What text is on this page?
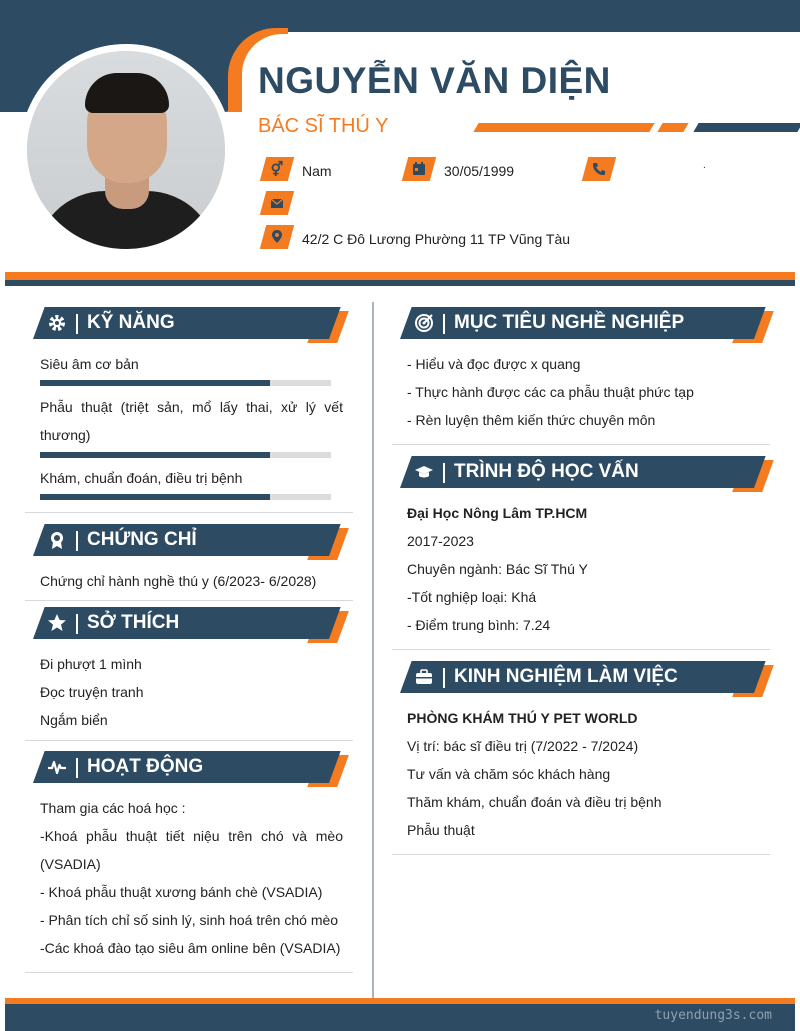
NGUYỄN VĂN DIỆN
BÁC SĨ THÚ Y
⚥	Nam	30/05/1999	.
42/2 C Đô Lương Phường 11 TP Vũng Tàu
KỸ NĂNG
Siêu âm cơ bản
Phẫu thuật (triệt sản, mổ lấy thai, xử lý vết
thương)
Khám, chuẩn đoán, điều trị bệnh
CHỨNG CHỈ
Chứng chỉ hành nghề thú y (6/2023- 6/2028)
SỞ THÍCH
Đi phượt 1 mình
Đọc truyện tranh
Ngắm biển
HOẠT ĐỘNG
Tham gia các hoá học :
-Khoá phẫu thuật tiết niệu trên chó và mèo
(VSADIA)
- Khoá phẫu thuật xương bánh chè (VSADIA)
- Phân tích chỉ số sinh lý, sinh hoá trên chó mèo
-Các khoá đào tạo siêu âm online bên (VSADIA)
MỤC TIÊU NGHỀ NGHIỆP
- Hiểu và đọc được x quang
- Thực hành được các ca phẫu thuật phức tạp
- Rèn luyện thêm kiến thức chuyên môn
TRÌNH ĐỘ HỌC VẤN
Đại Học Nông Lâm TP.HCM
2017-2023
Chuyên ngành: Bác Sĩ Thú Y
-Tốt nghiệp loại: Khá
- Điểm trung bình: 7.24
KINH NGHIỆM LÀM VIỆC
PHÒNG KHÁM THÚ Y PET WORLD
Vị trí: bác sĩ điều trị (7/2022 - 7/2024)
Tư vấn và chăm sóc khách hàng
Thăm khám, chuẩn đoán và điều trị bệnh
Phẫu thuật
tuyendung3s.com
